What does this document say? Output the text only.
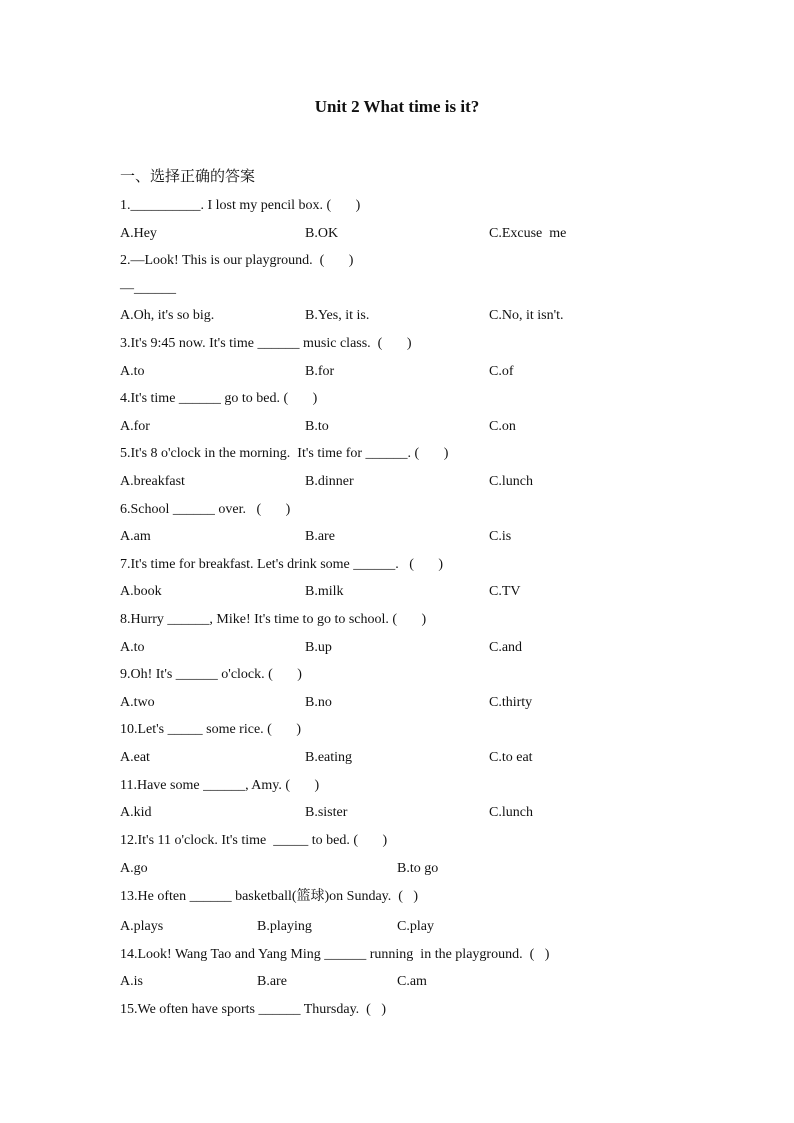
Unit 2 What time is it?
一、选择正确的答案
1.__________. I lost my pencil box. (       )
A.Hey	B.OK	C.Excuse  me
2.—Look! This is our playground.  (       )
—______
A.Oh, it's so big.	B.Yes, it is.	C.No, it isn't.
3.It's 9:45 now. It's time ______ music class.  (       )
A.to	B.for	C.of
4.It's time ______ go to bed. (       )
A.for	B.to	C.on
5.It's 8 o'clock in the morning.  It's time for ______. (       )
A.breakfast	B.dinner	C.lunch
6.School ______ over.   (       )
A.am	B.are	C.is
7.It's time for breakfast. Let's drink some ______.   (       )
A.book	B.milk	C.TV
8.Hurry ______, Mike! It's time to go to school. (       )
A.to	B.up	C.and
9.Oh! It's ______ o'clock. (       )
A.two	B.no	C.thirty
10.Let's _____ some rice. (       )
A.eat	B.eating	C.to eat
11.Have some ______, Amy. (       )
A.kid	B.sister	C.lunch
12.It's 11 o'clock. It's time  _____ to bed. (       )
A.go	B.to go
13.He often ______ basketball(篮球)on Sunday.  (   )
A.plays	B.playing	C.play
14.Look! Wang Tao and Yang Ming ______ running  in the playground.  (   )
A.is	B.are	C.am
15.We often have sports ______ Thursday.  (   )
